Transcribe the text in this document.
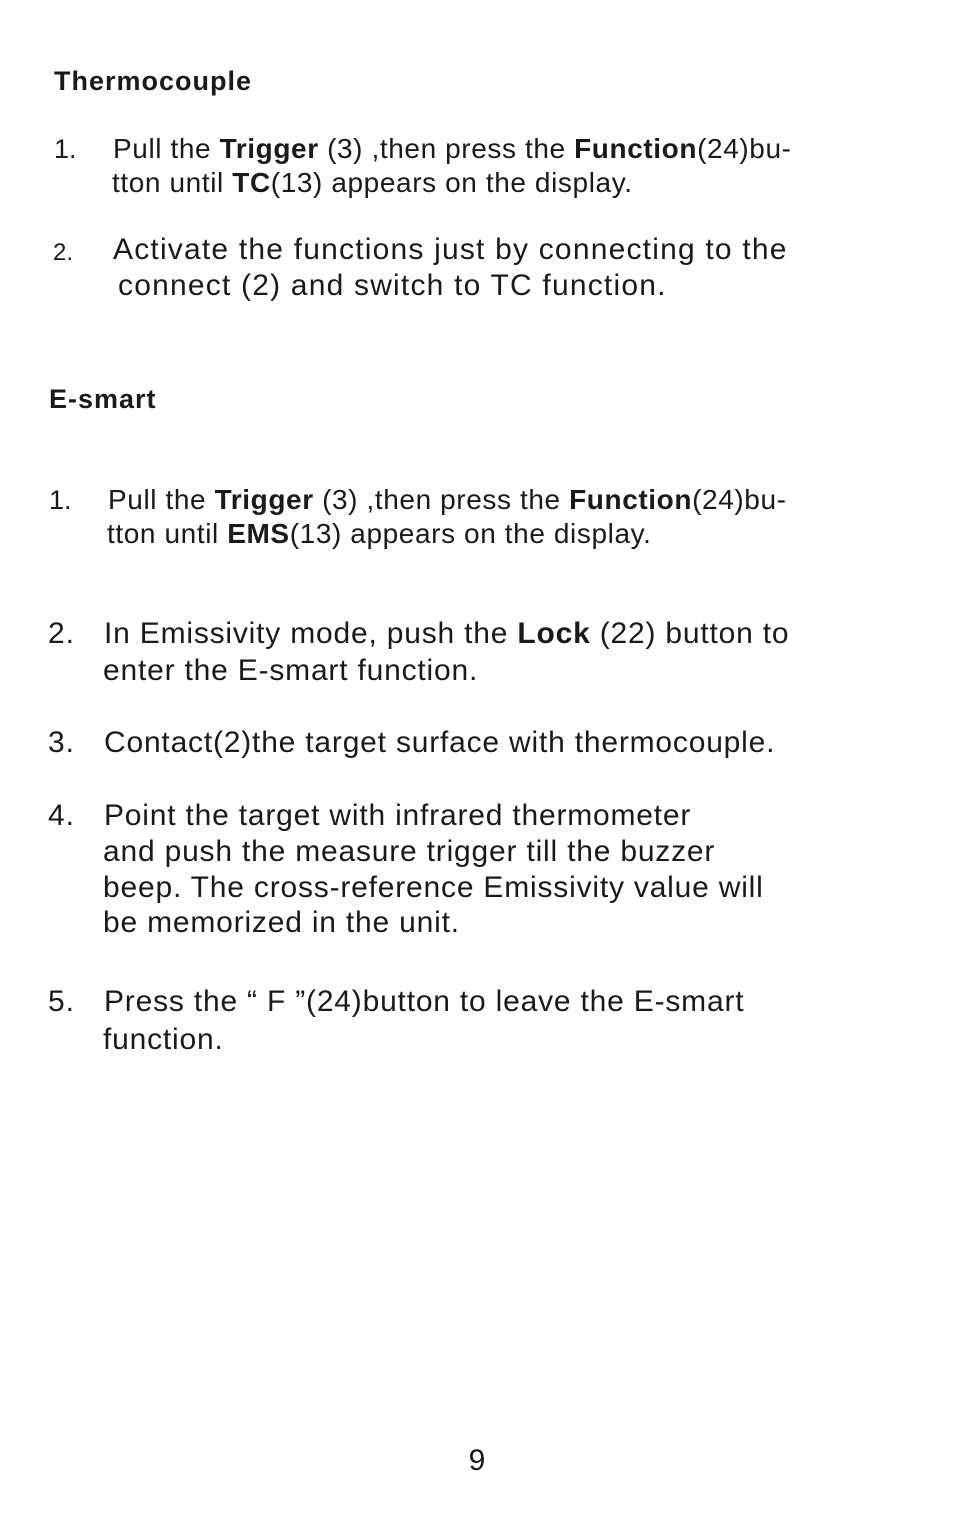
Thermocouple
1. Pull the Trigger (3) ,then press the Function(24)bu-
tton until TC(13) appears on the display.
2. Activate the functions just by connecting to the
connect (2) and switch to TC function.
E-smart
1. Pull the Trigger (3) ,then press the Function(24)bu-
tton until EMS(13) appears on the display.
2. In Emissivity mode, push the Lock (22) button to
enter the E-smart function.
3. Contact(2)the target surface with thermocouple.
4. Point the target with infrared thermometer
and push the measure trigger till the buzzer
beep. The cross-reference Emissivity value will
be memorized in the unit.
5. Press the “ F ”(24)button to leave the E-smart
function.
9
